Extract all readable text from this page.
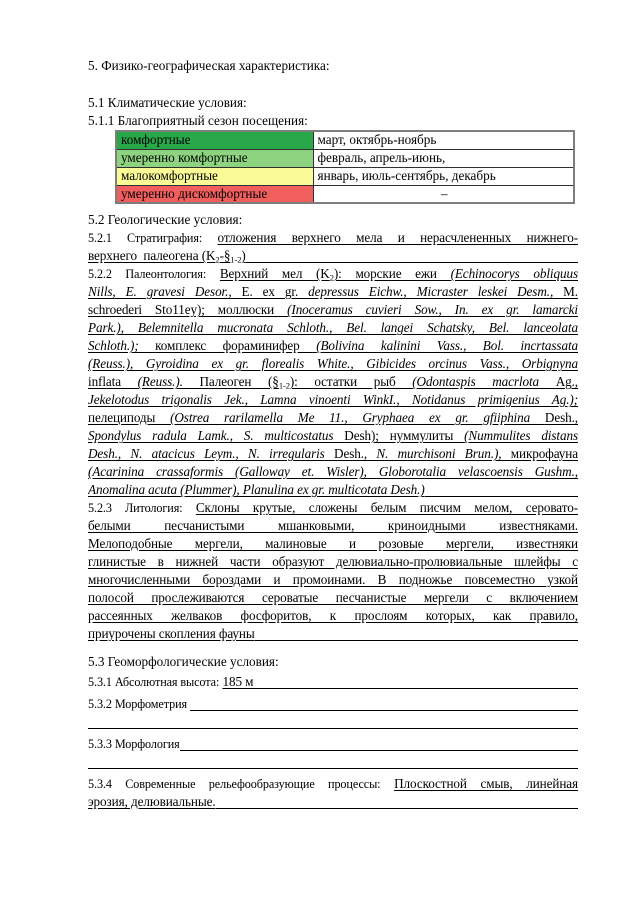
5. Физико-географическая характеристика:
5.1 Климатические условия:
5.1.1 Благоприятный сезон посещения:
комфортные	март, октябрь-ноябрь
умеренно комфортные	февраль, апрель-июнь,
малокомфортные	январь, июль-сентябрь, декабрь
умеренно дискомфортные	–
5.2 Геологические условия:
5.2.1 Стратиграфия: отложения верхнего мела и нерасчлененных нижнего-
верхнего  палеогена (K2-§1-2)
5.2.2 Палеонтология: Верхний мел (K2): морские ежи (Echinocorys obliquus
Nills, E. gravesi Desor., E. ex gr. depressus Eichw., Micraster leskei Desm., M.
schroederi Sto11ey); моллюски (Inoceramus cuvieri Sow., In. ex gr. lamarcki
Park.), Belemnitella mucronata Schloth., Bel. langei Schatsky, Bel. lanceolata
Schloth.); комплекс фораминифер (Bolivina kalinini Vass., Bol. incrtassata
(Reuss.), Gyroidina ex gr. florealis White., Gibicides orcinus Vass., Orbignyna
inflata (Reuss.). Палеоген (§1-2): остатки рыб (Odontaspis macrlota Ag.,
Jekelotodus trigonalis Jek., Lamna vinoenti WinkI., Notidanus primigenius Ag.);
пелециподы (Ostrea rarilamella Me 11., Gryphaea ex gr. gfiiphina Desh.,
Spondylus radula Lamk., S. multicostatus Desh); нуммулиты (Nummulites distans
Desh., N. atacicus Leym., N. irregularis Desh., N. murchisoni Brun.), микрофауна
(Acarinina crassaformis (Galloway et. Wisler), Globorotalia velascoensis Gushm.,
Anomalina acuta (Plummer), Planulina ex gr. multicotata Desh.)
5.2.3 Литология: Склоны крутые, сложены белым писчим мелом, серовато-
белыми песчанистыми мшанковыми, криноидными известняками.
Мелоподобные мергели, малиновые и розовые мергели, известняки
глинистые в нижней части образуют делювиально-пролювиальные шлейфы с
многочисленными бороздами и промоинами. В подножье повсеместно узкой
полосой прослеживаются сероватые песчанистые мергели с включением
рассеянных желваков фосфоритов, к прослоям которых, как правило,
приурочены скопления фауны
5.3 Геоморфологические условия:
5.3.1 Абсолютная высота: 185 м
5.3.2 Морфометрия
5.3.3 Морфология
5.3.4 Современные рельефообразующие процессы: Плоскостной смыв, линейная
эрозия, делювиальные.
